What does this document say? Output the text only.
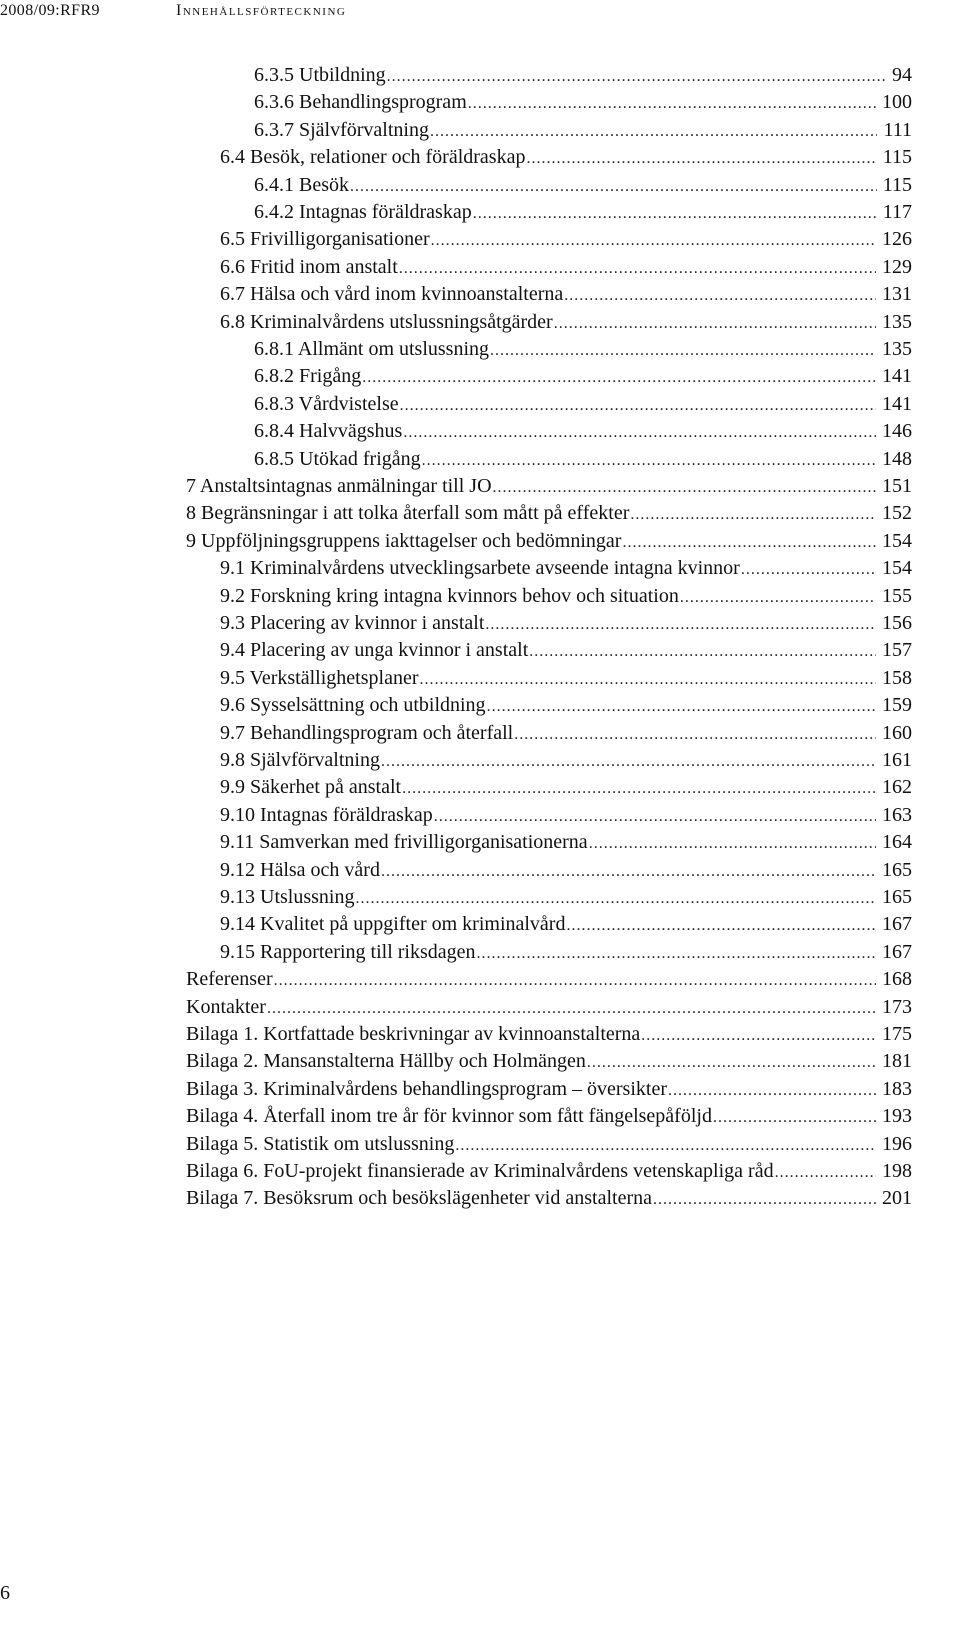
2008/09:RFR9	Innehållsförteckning
6.3.5 Utbildning .....	94
6.3.6 Behandlingsprogram .....	100
6.3.7 Självförvaltning .....	111
6.4 Besök, relationer och föräldraskap .....	115
6.4.1 Besök .....	115
6.4.2 Intagnas föräldraskap .....	117
6.5 Frivilligorganisationer .....	126
6.6 Fritid inom anstalt .....	129
6.7 Hälsa och vård inom kvinnoanstalterna .....	131
6.8 Kriminalvårdens utslussningsåtgärder .....	135
6.8.1 Allmänt om utslussning .....	135
6.8.2 Frigång .....	141
6.8.3 Vårdvistelse .....	141
6.8.4 Halvvägshus .....	146
6.8.5 Utökad frigång .....	148
7 Anstaltsintagnas anmälningar till JO .....	151
8 Begränsningar i att tolka återfall som mått på effekter .....	152
9 Uppföljningsgruppens iakttagelser och bedömningar .....	154
9.1 Kriminalvårdens utvecklingsarbete avseende intagna kvinnor .....	154
9.2 Forskning kring intagna kvinnors behov och situation .....	155
9.3 Placering av kvinnor i anstalt .....	156
9.4 Placering av unga kvinnor i anstalt .....	157
9.5 Verkställighetsplaner .....	158
9.6 Sysselsättning och utbildning .....	159
9.7 Behandlingsprogram och återfall .....	160
9.8 Självförvaltning .....	161
9.9 Säkerhet på anstalt .....	162
9.10 Intagnas föräldraskap .....	163
9.11 Samverkan med frivilligorganisationerna .....	164
9.12 Hälsa och vård .....	165
9.13 Utslussning .....	165
9.14 Kvalitet på uppgifter om kriminalvård .....	167
9.15 Rapportering till riksdagen .....	167
Referenser .....	168
Kontakter .....	173
Bilaga 1. Kortfattade beskrivningar av kvinnoanstalterna .....	175
Bilaga 2. Mansanstalterna Hällby och Holmängen .....	181
Bilaga 3. Kriminalvårdens behandlingsprogram – översikter .....	183
Bilaga 4. Återfall inom tre år för kvinnor som fått fängelsepåföljd .....	193
Bilaga 5. Statistik om utslussning .....	196
Bilaga 6. FoU-projekt finansierade av Kriminalvårdens vetenskapliga råd .....	198
Bilaga 7. Besöksrum och besökslägenheter vid anstalterna .....	201
6
